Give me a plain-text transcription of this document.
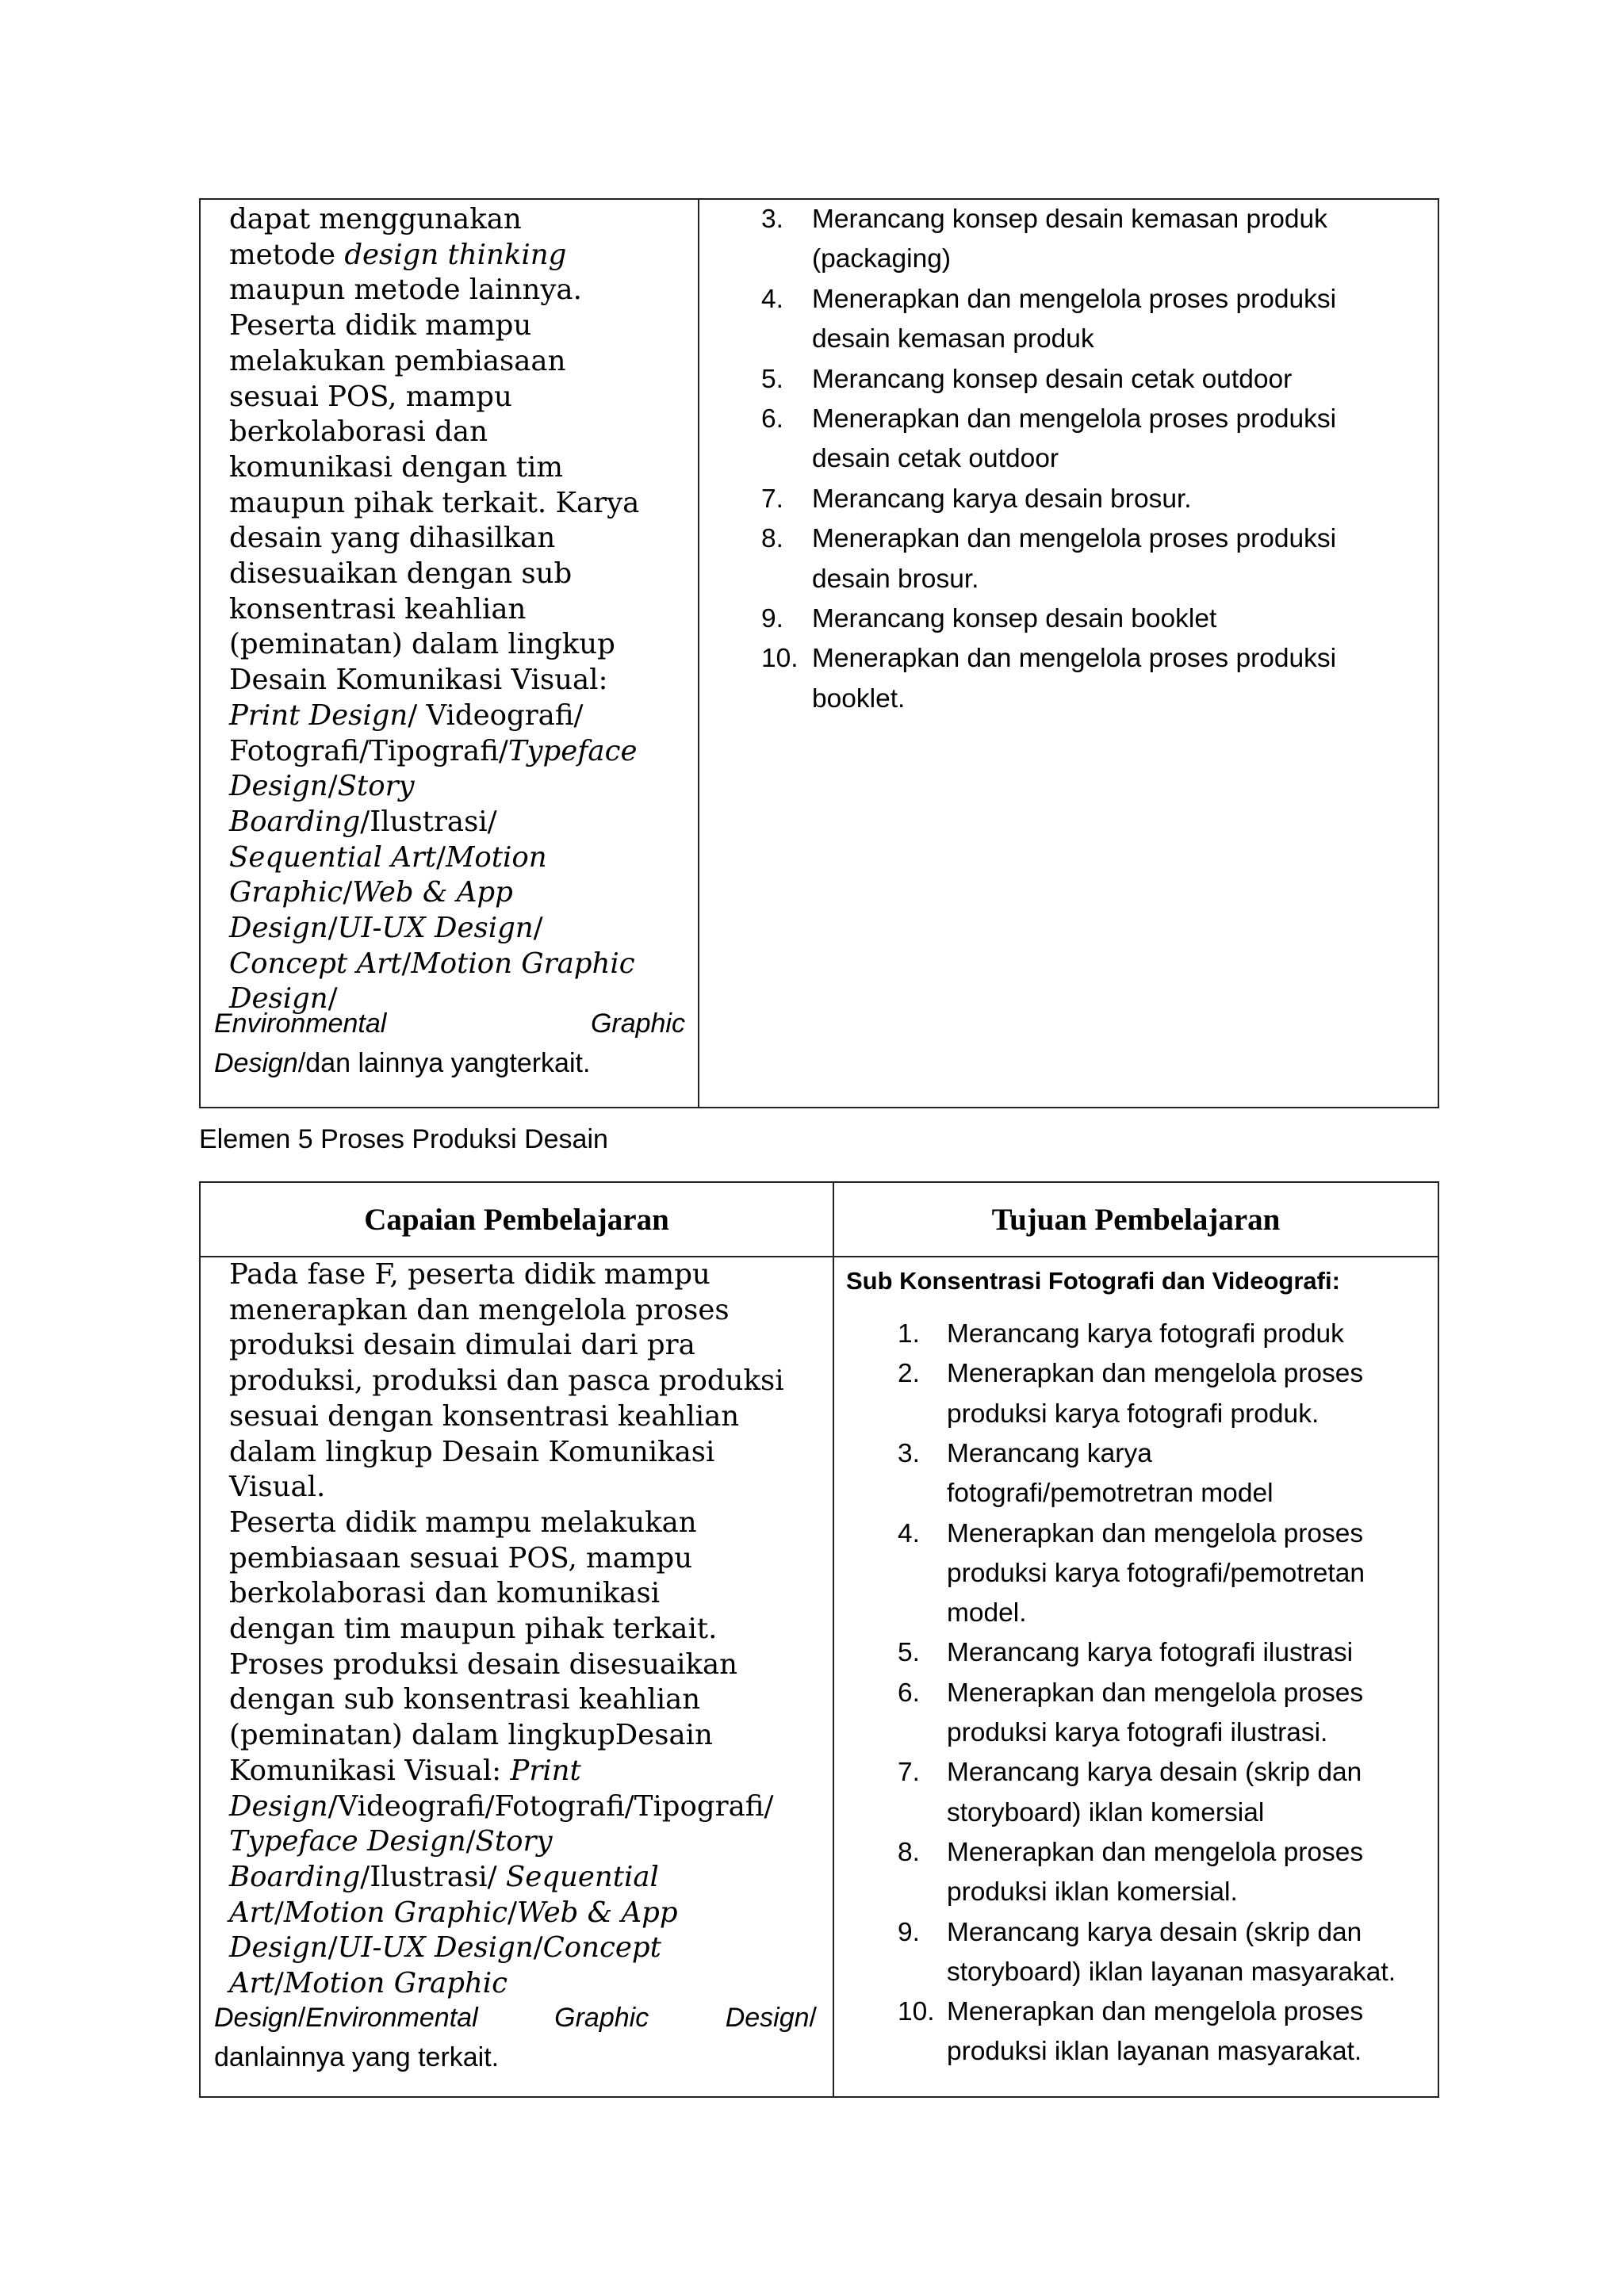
dapat menggunakan
metode design thinking
maupun metode lainnya.
Peserta didik mampu
melakukan pembiasaan
sesuai POS, mampu
berkolaborasi dan
komunikasi dengan tim
maupun pihak terkait. Karya
desain yang dihasilkan
disesuaikan dengan sub
konsentrasi keahlian
(peminatan) dalam lingkup
Desain Komunikasi Visual:
Print Design/ Videografi/
Fotografi/Tipografi/Typeface
Design/Story
Boarding/Ilustrasi/
Sequential Art/Motion
Graphic/Web & App
Design/UI-UX Design/
Concept Art/Motion Graphic
Design/
Environmental	Graphic
Design/dan lainnya yangterkait.
3. Merancang konsep desain kemasan produk
(packaging)
4. Menerapkan dan mengelola proses produksi
desain kemasan produk
5. Merancang konsep desain cetak outdoor
6. Menerapkan dan mengelola proses produksi
desain cetak outdoor
7. Merancang karya desain brosur.
8. Menerapkan dan mengelola proses produksi
desain brosur.
9. Merancang konsep desain booklet
10. Menerapkan dan mengelola proses produksi
booklet.
Elemen 5 Proses Produksi Desain
Capaian Pembelajaran	Tujuan Pembelajaran
Pada fase F, peserta didik mampu
menerapkan dan mengelola proses
produksi desain dimulai dari pra
produksi, produksi dan pasca produksi
sesuai dengan konsentrasi keahlian
dalam lingkup Desain Komunikasi
Visual.
Peserta didik mampu melakukan
pembiasaan sesuai POS, mampu
berkolaborasi dan komunikasi
dengan tim maupun pihak terkait.
Proses produksi desain disesuaikan
dengan sub konsentrasi keahlian
(peminatan) dalam lingkupDesain
Komunikasi Visual: Print
Design/Videografi/Fotografi/Tipografi/
Typeface Design/Story
Boarding/Ilustrasi/ Sequential
Art/Motion Graphic/Web & App
Design/UI-UX Design/Concept
Art/Motion Graphic
Design/Environmental	Graphic	Design/
danlainnya yang terkait.
Sub Konsentrasi Fotografi dan Videografi:
1. Merancang karya fotografi produk
2. Menerapkan dan mengelola proses
produksi karya fotografi produk.
3. Merancang karya
fotografi/pemotretran model
4. Menerapkan dan mengelola proses
produksi karya fotografi/pemotretan
model.
5. Merancang karya fotografi ilustrasi
6. Menerapkan dan mengelola proses
produksi karya fotografi ilustrasi.
7. Merancang karya desain (skrip dan
storyboard) iklan komersial
8. Menerapkan dan mengelola proses
produksi iklan komersial.
9. Merancang karya desain (skrip dan
storyboard) iklan layanan masyarakat.
10. Menerapkan dan mengelola proses
produksi iklan layanan masyarakat.
